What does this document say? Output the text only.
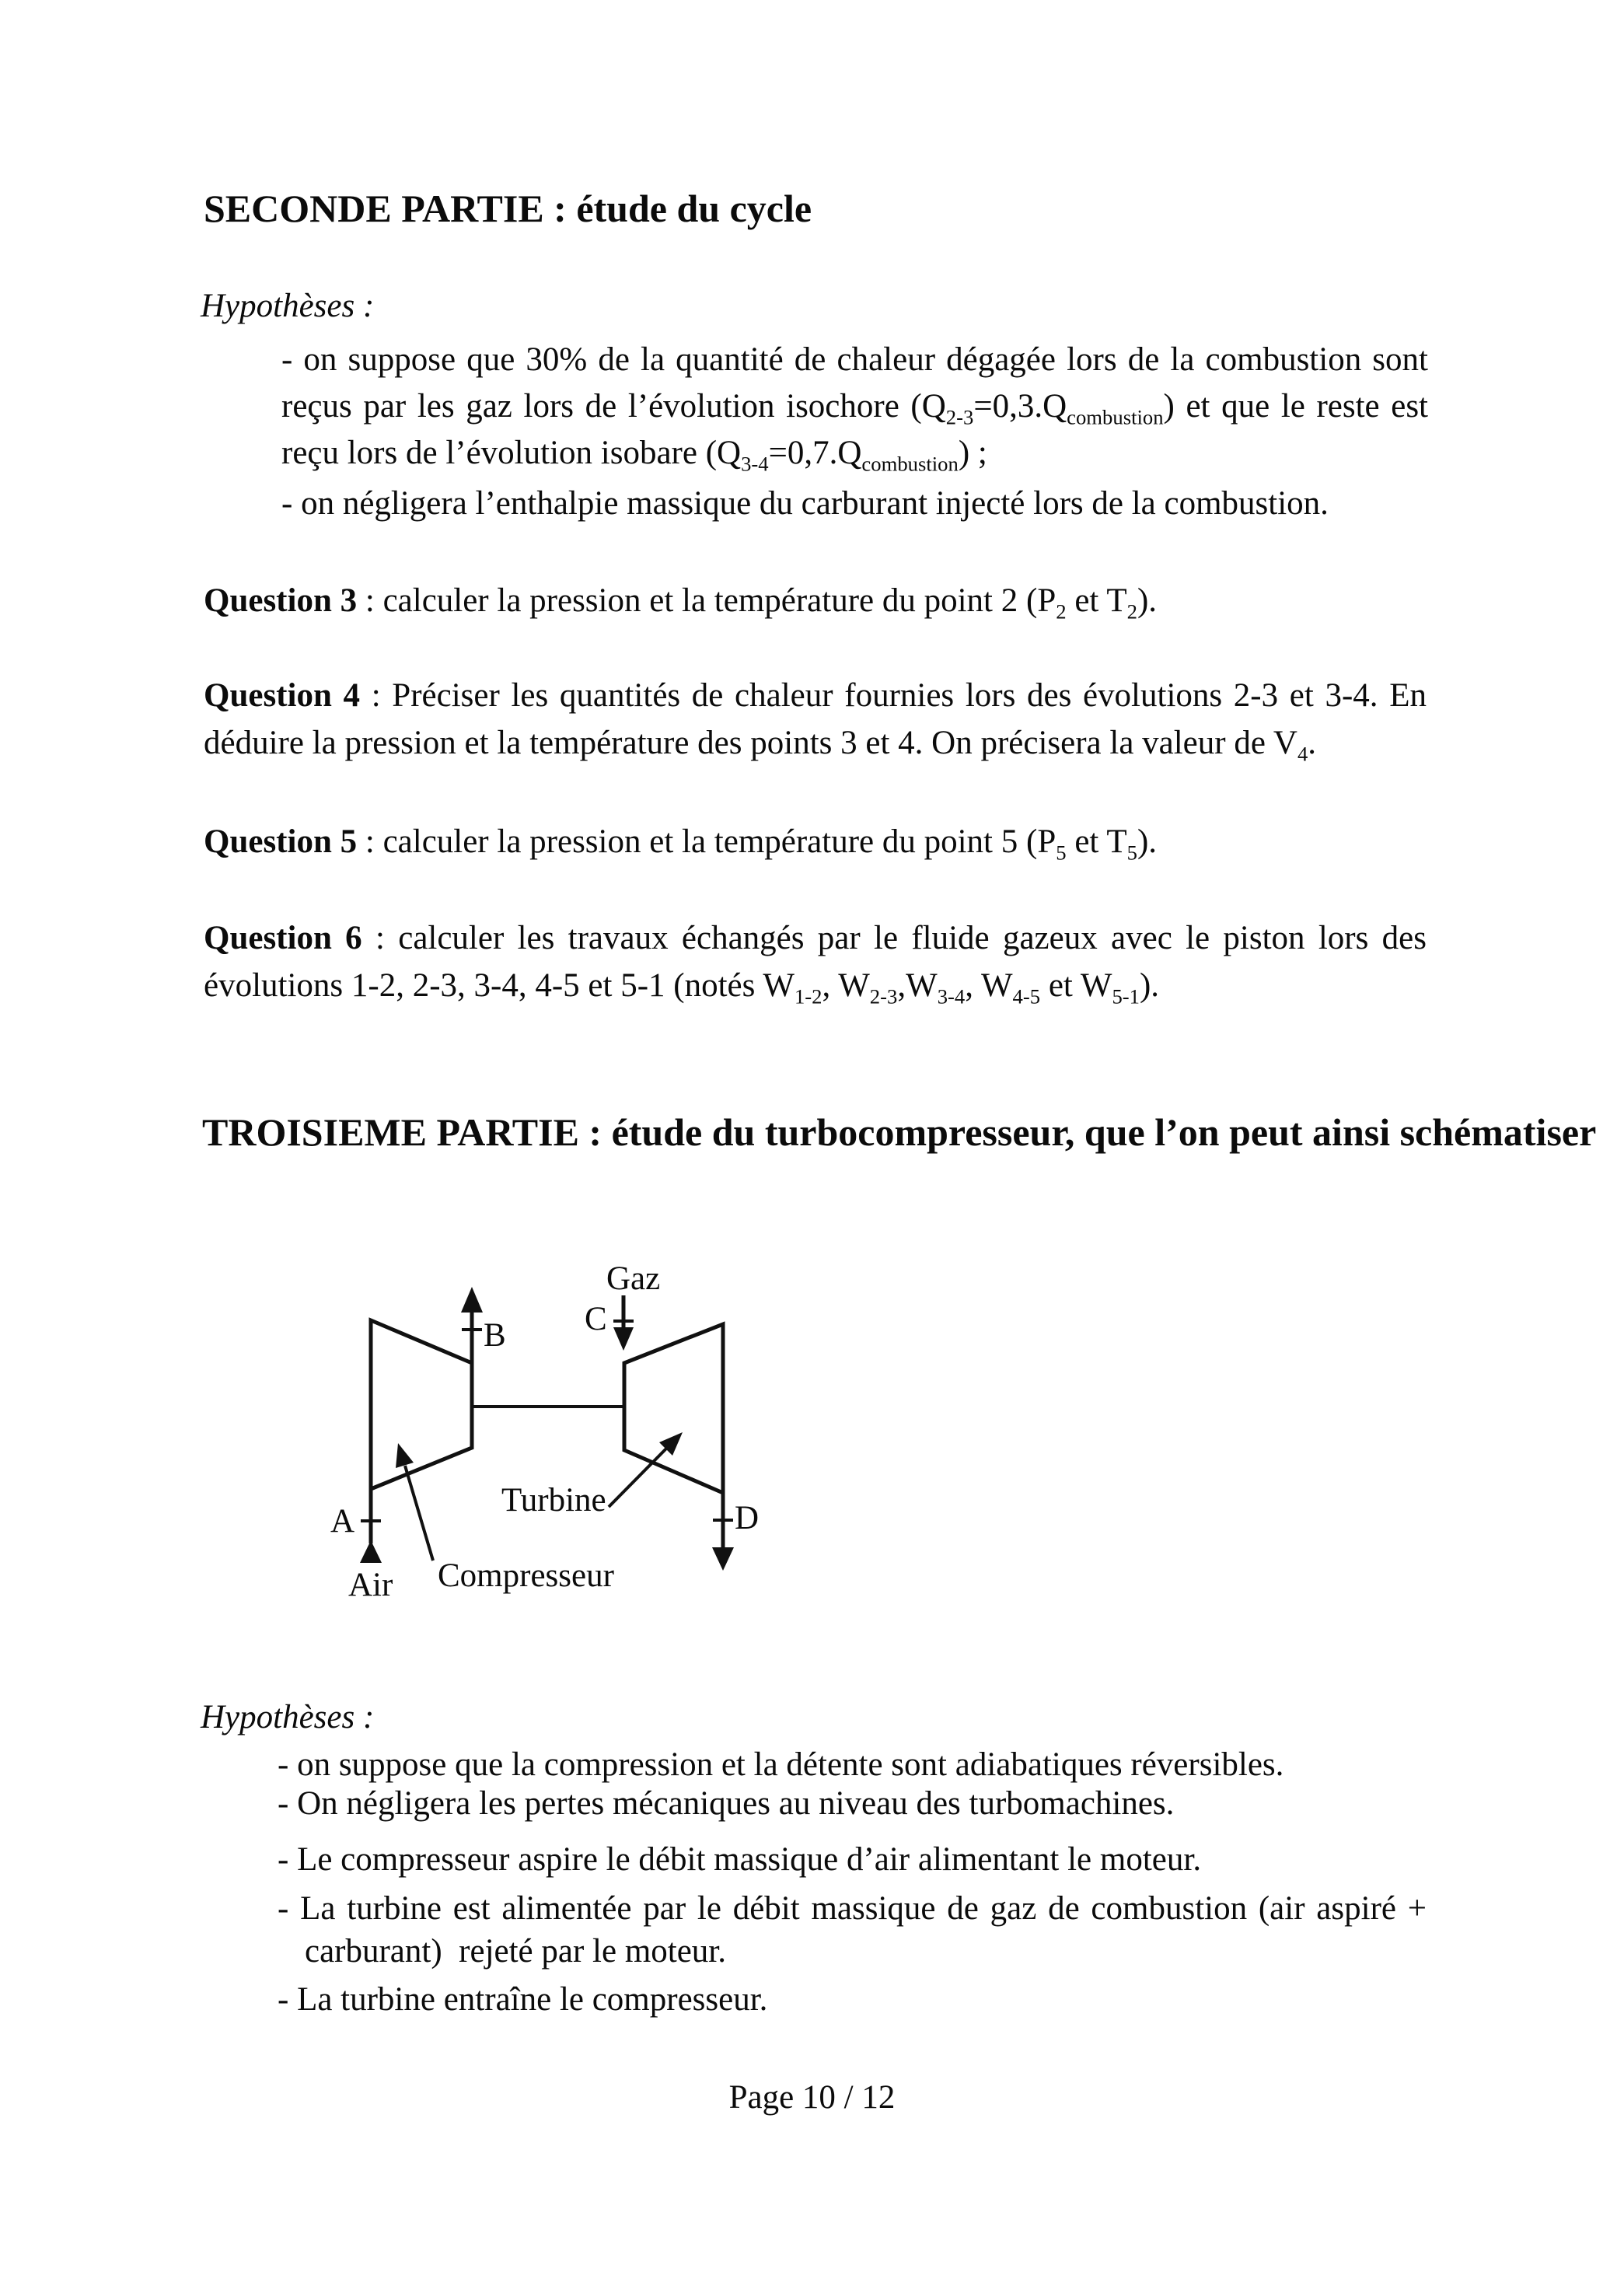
SECONDE PARTIE : étude du cycle
Hypothèses :

- on suppose que 30% de la quantité de chaleur dégagée lors de la combustion sont reçus par les gaz lors de l’évolution isochore $(Q_{2-3}=0,3.Q_{combustion})$ et que le reste est reçu lors de l’évolution isobare $(Q_{3-4}=0,7.Q_{combustion})$ ;

- on négligera l’enthalpie massique du carburant injecté lors de la combustion.

Question 3 : calculer la pression et la température du point 2 ($P_2$ et $T_2$).

Question 4 : Préciser les quantités de chaleur fournies lors des évolutions 2-3 et 3-4. En déduire la pression et la température des points 3 et 4. On précisera la valeur de $V_4$.

Question 5 : calculer la pression et la température du point 5 ($P_5$ et $T_5$).

Question 6 : calculer les travaux échangés par le fluide gazeux avec le piston lors des évolutions 1-2, 2-3, 3-4, 4-5 et 5-1 (notés $W_{1-2}$, $W_{2-3},W_{3-4}$, $W_{4-5}$ et $W_{5-1}$).

TROISIEME PARTIE : étude du turbocompresseur, que l’on peut ainsi schématiser
Gaz
B C
A	D
Air
Turbine
Compresseur
Hypothèses :

- on suppose que la compression et la détente sont adiabatiques réversibles.

- On négligera les pertes mécaniques au niveau des turbomachines.

- Le compresseur aspire le débit massique d’air alimentant le moteur.

- La turbine est alimentée par le débit massique de gaz de combustion (air aspiré + carburant)  rejeté par le moteur.

- La turbine entraîne le compresseur.

Page 10 / 12
